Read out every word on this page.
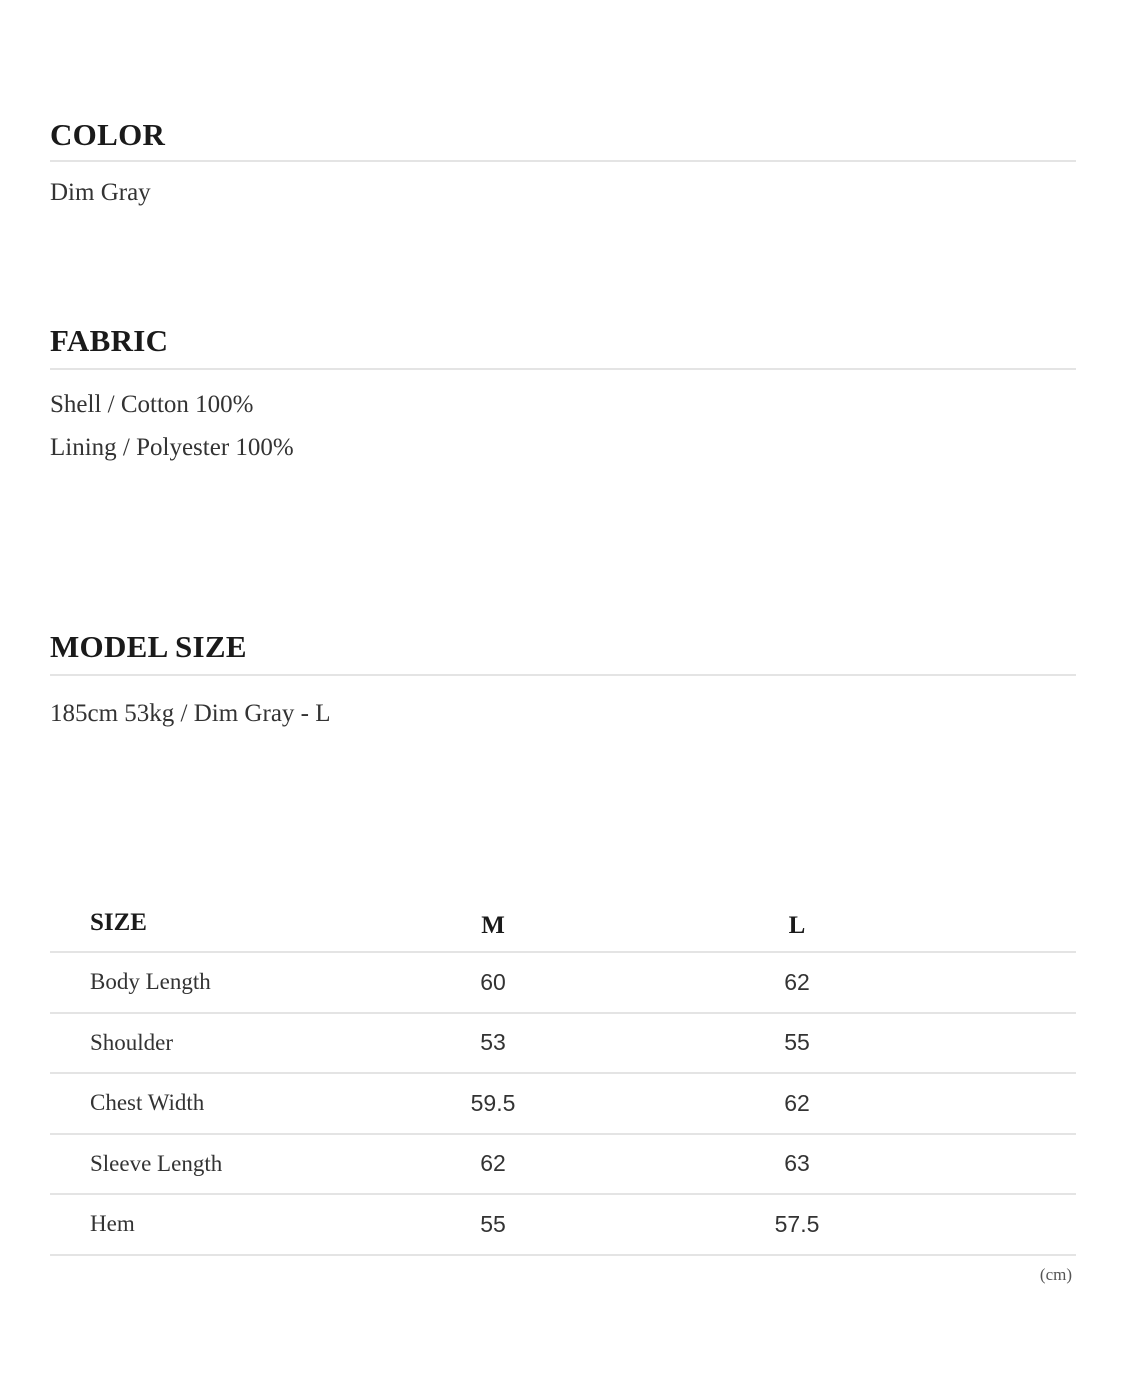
COLOR
Dim Gray
FABRIC
Shell / Cotton 100%
Lining / Polyester 100%
MODEL SIZE
185cm 53kg / Dim Gray - L
SIZE	M	L
Body Length	60	62
Shoulder	53	55
Chest Width	59.5	62
Sleeve Length	62	63
Hem	55	57.5
(cm)
